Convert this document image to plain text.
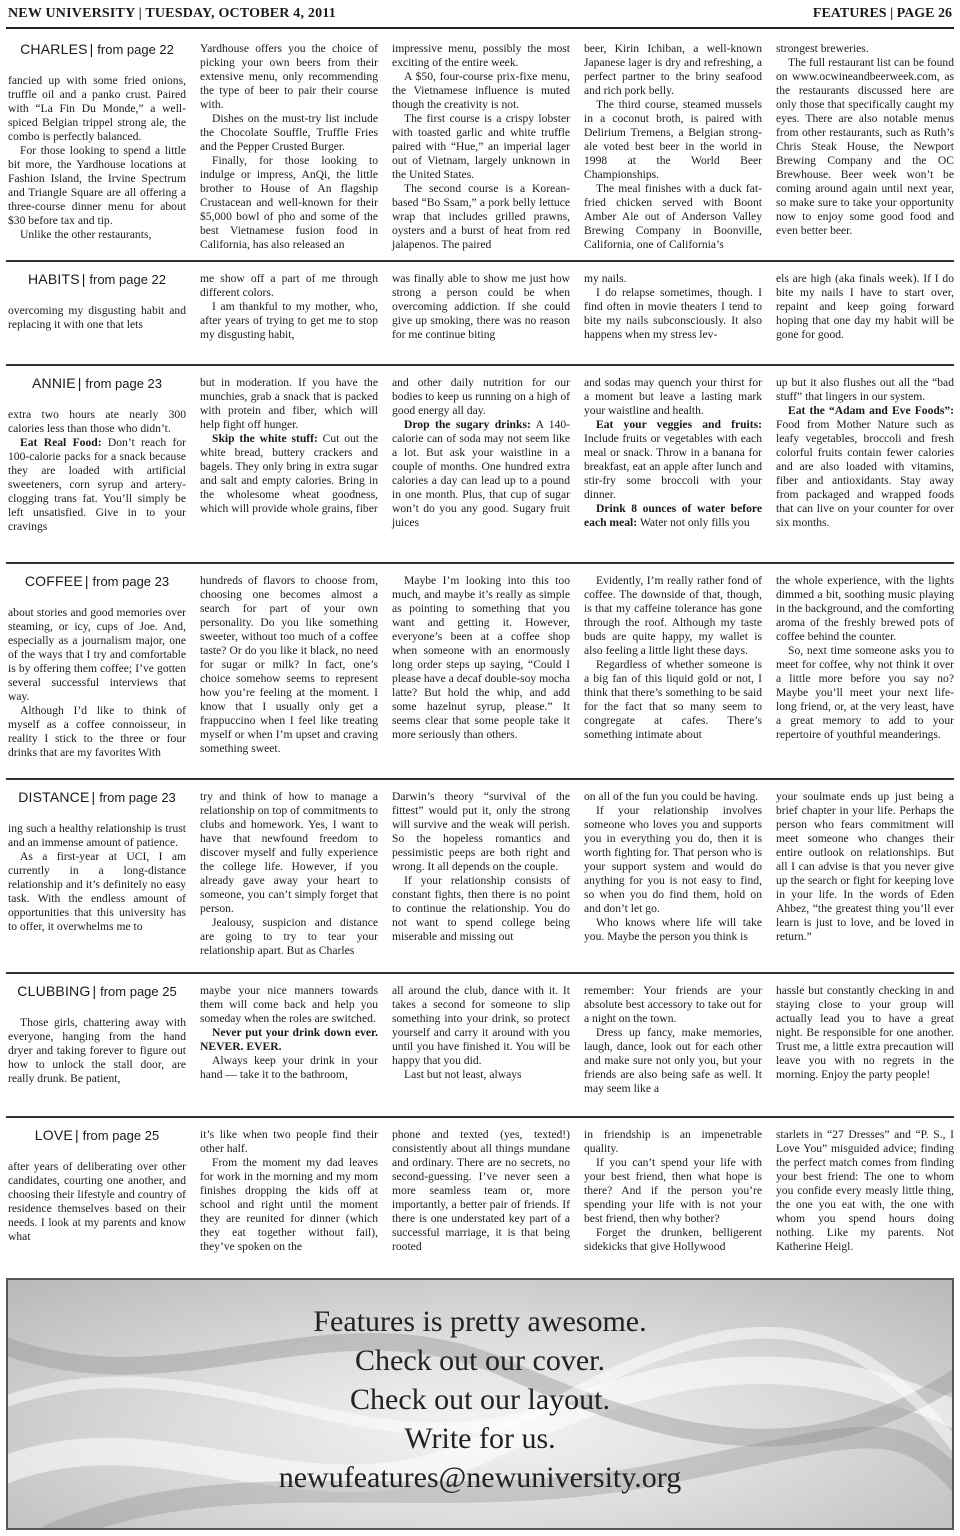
NEW UNIVERSITY | TUESDAY, OCTOBER 4, 2011	FEATURES | PAGE 26
CHARLES | from page 22

fancied up with some fried onions, truffle oil and a panko crust. Paired with “La Fin Du Monde,” a well-spiced Belgian trippel strong ale, the combo is perfectly balanced.

For those looking to spend a little bit more, the Yardhouse locations at Fashion Island, the Irvine Spectrum and Triangle Square are all offering a three-course dinner menu for about $30 before tax and tip.

Unlike the other restaurants,

Yardhouse offers you the choice of picking your own beers from their extensive menu, only recommending the type of beer to pair their course with.

Dishes on the must-try list include the Chocolate Souffle, Truffle Fries and the Pepper Crusted Burger.

Finally, for those looking to indulge or impress, AnQi, the little brother to House of An flagship Crustacean and well-known for their $5,000 bowl of pho and some of the best Vietnamese fusion food in California, has also released an

impressive menu, possibly the most exciting of the entire week.

A $50, four-course prix-fixe menu, the Vietnamese influence is muted though the creativity is not.

The first course is a crispy lobster with toasted garlic and white truffle paired with “Hue,” an imperial lager out of Vietnam, largely unknown in the United States.

The second course is a Korean-based “Bo Ssam,” a pork belly lettuce wrap that includes grilled prawns, oysters and a burst of heat from red jalapenos. The paired

beer, Kirin Ichiban, a well-known Japanese lager is dry and refreshing, a perfect partner to the briny seafood and rich pork belly.

The third course, steamed mussels in a coconut broth, is paired with Delirium Tremens, a Belgian strong-ale voted best beer in the world in 1998 at the World Beer Championships.

The meal finishes with a duck fat-fried chicken served with Boont Amber Ale out of Anderson Valley Brewing Company in Boonville, California, one of California’s

strongest breweries.

The full restaurant list can be found on www.ocwineandbeerweek.com, as the restaurants discussed here are only those that specifically caught my eyes. There are also notable menus from other restaurants, such as Ruth’s Chris Steak House, the Newport Brewing Company and the OC Brewhouse. Beer week won’t be coming around again until next year, so make sure to take your opportunity now to enjoy some good food and even better beer.

HABITS | from page 22

overcoming my disgusting habit and replacing it with one that lets

me show off a part of me through different colors.

I am thankful to my mother, who, after years of trying to get me to stop my disgusting habit,

was finally able to show me just how strong a person could be when overcoming addiction. If she could give up smoking, there was no reason for me continue biting

my nails.

I do relapse sometimes, though. I find often in movie theaters I tend to bite my nails subconsciously. It also happens when my stress lev-

els are high (aka finals week). If I do bite my nails I have to start over, repaint and keep going forward hoping that one day my habit will be gone for good.

ANNIE | from page 23

extra two hours ate nearly 300 calories less than those who didn’t.

Eat Real Food: Don’t reach for 100-calorie packs for a snack because they are loaded with artificial sweeteners, corn syrup and artery-clogging trans fat. You’ll simply be left unsatisfied. Give in to your cravings

but in moderation. If you have the munchies, grab a snack that is packed with protein and fiber, which will help fight off hunger.

Skip the white stuff: Cut out the white bread, buttery crackers and bagels. They only bring in extra sugar and salt and empty calories. Bring in the wholesome wheat goodness, which will provide whole grains, fiber

and other daily nutrition for our bodies to keep us running on a high of good energy all day.

Drop the sugary drinks: A 140-calorie can of soda may not seem like a lot. But ask your waistline in a couple of months. One hundred extra calories a day can lead up to a pound in one month. Plus, that cup of sugar won’t do you any good. Sugary fruit juices

and sodas may quench your thirst for a moment but leave a lasting mark your waistline and health.

Eat your veggies and fruits: Include fruits or vegetables with each meal or snack. Throw in a banana for breakfast, eat an apple after lunch and stir-fry some broccoli with your dinner.

Drink 8 ounces of water before each meal: Water not only fills you

up but it also flushes out all the “bad stuff” that lingers in our system.

Eat the “Adam and Eve Foods”: Food from Mother Nature such as leafy vegetables, broccoli and fresh colorful fruits contain fewer calories and are also loaded with vitamins, fiber and antioxidants. Stay away from packaged and wrapped foods that can live on your counter for over six months.

COFFEE | from page 23

about stories and good memories over steaming, or icy, cups of Joe. And, especially as a journalism major, one of the ways that I try and comfortable is by offering them coffee; I’ve gotten several successful interviews that way.

Although I’d like to think of myself as a coffee connoisseur, in reality I stick to the three or four drinks that are my favorites With

hundreds of flavors to choose from, choosing one becomes almost a search for part of your own personality. Do you like something sweeter, without too much of a coffee taste? Or do you like it black, no need for sugar or milk? In fact, one’s choice somehow seems to represent how you’re feeling at the moment. I know that I usually only get a frappuccino when I feel like treating myself or when I’m upset and craving something sweet.

Maybe I’m looking into this too much, and maybe it’s really as simple as pointing to something that you want and getting it. However, everyone’s been at a coffee shop when someone with an enormously long order steps up saying, “Could I please have a decaf double-soy mocha latte? But hold the whip, and add some hazelnut syrup, please.” It seems clear that some people take it more seriously than others.

Evidently, I’m really rather fond of coffee. The downside of that, though, is that my caffeine tolerance has gone through the roof. Although my taste buds are quite happy, my wallet is also feeling a little light these days.

Regardless of whether someone is a big fan of this liquid gold or not, I think that there’s something to be said for the fact that so many seem to congregate at cafes. There’s something intimate about

the whole experience, with the lights dimmed a bit, soothing music playing in the background, and the comforting aroma of the freshly brewed pots of coffee behind the counter.

So, next time someone asks you to meet for coffee, why not think it over a little more before you say no? Maybe you’ll meet your next life-long friend, or, at the very least, have a great memory to add to your repertoire of youthful meanderings.

DISTANCE | from page 23

ing such a healthy relationship is trust and an immense amount of patience.

As a first-year at UCI, I am currently in a long-distance relationship and it’s definitely no easy task. With the endless amount of opportunities that this university has to offer, it overwhelms me to

try and think of how to manage a relationship on top of commitments to clubs and homework. Yes, I want to have that newfound freedom to discover myself and fully experience the college life. However, if you already gave away your heart to someone, you can’t simply forget that person.

Jealousy, suspicion and distance are going to try to tear your relationship apart. But as Charles

Darwin’s theory “survival of the fittest” would put it, only the strong will survive and the weak will perish. So the hopeless romantics and pessimistic peeps are both right and wrong. It all depends on the couple.

If your relationship consists of constant fights, then there is no point to continue the relationship. You do not want to spend college being miserable and missing out

on all of the fun you could be having.

If your relationship involves someone who loves you and supports you in everything you do, then it is worth fighting for. That person who is your support system and would do anything for you is not easy to find, so when you do find them, hold on and don’t let go.

Who knows where life will take you. Maybe the person you think is

your soulmate ends up just being a brief chapter in your life. Perhaps the person who fears commitment will meet someone who changes their entire outlook on relationships. But all I can advise is that you never give up the search or fight for keeping love in your life. In the words of Eden Ahbez, “the greatest thing you’ll ever learn is just to love, and be loved in return.”

CLUBBING | from page 25

Those girls, chattering away with everyone, hanging from the hand dryer and taking forever to figure out how to unlock the stall door, are really drunk. Be patient,

maybe your nice manners towards them will come back and help you someday when the roles are switched.

Never put your drink down ever. NEVER. EVER.

Always keep your drink in your hand — take it to the bathroom,

all around the club, dance with it. It takes a second for someone to slip something into your drink, so protect yourself and carry it around with you until you have finished it. You will be happy that you did.

Last but not least, always

remember: Your friends are your absolute best accessory to take out for a night on the town.

Dress up fancy, make memories, laugh, dance, look out for each other and make sure not only you, but your friends are also being safe as well. It may seem like a

hassle but constantly checking in and staying close to your group will actually lead you to have a great night. Be responsible for one another. Trust me, a little extra precaution will leave you with no regrets in the morning. Enjoy the party people!

LOVE | from page 25

after years of deliberating over other candidates, courting one another, and choosing their lifestyle and country of residence themselves based on their needs. I look at my parents and know what

it’s like when two people find their other half.

From the moment my dad leaves for work in the morning and my mom finishes dropping the kids off at school and right until the moment they are reunited for dinner (which they eat together without fail), they’ve spoken on the

phone and texted (yes, texted!) consistently about all things mundane and ordinary. There are no secrets, no second-guessing. I’ve never seen a more seamless team or, more importantly, a better pair of friends. If there is one understated key part of a successful marriage, it is that being rooted

in friendship is an impenetrable quality.

If you can’t spend your life with your best friend, then what hope is there? And if the person you’re spending your life with is not your best friend, then why bother?

Forget the drunken, belligerent sidekicks that give Hollywood

starlets in “27 Dresses” and “P. S., I Love You” misguided advice; finding the perfect match comes from finding your best friend: The one to whom you confide every measly little thing, the one you eat with, the one with whom you spend hours doing nothing. Like my parents. Not Katherine Heigl.

Features is pretty awesome.
Check out our cover.
Check out our layout.
Write for us.
newufeatures@newuniversity.org
